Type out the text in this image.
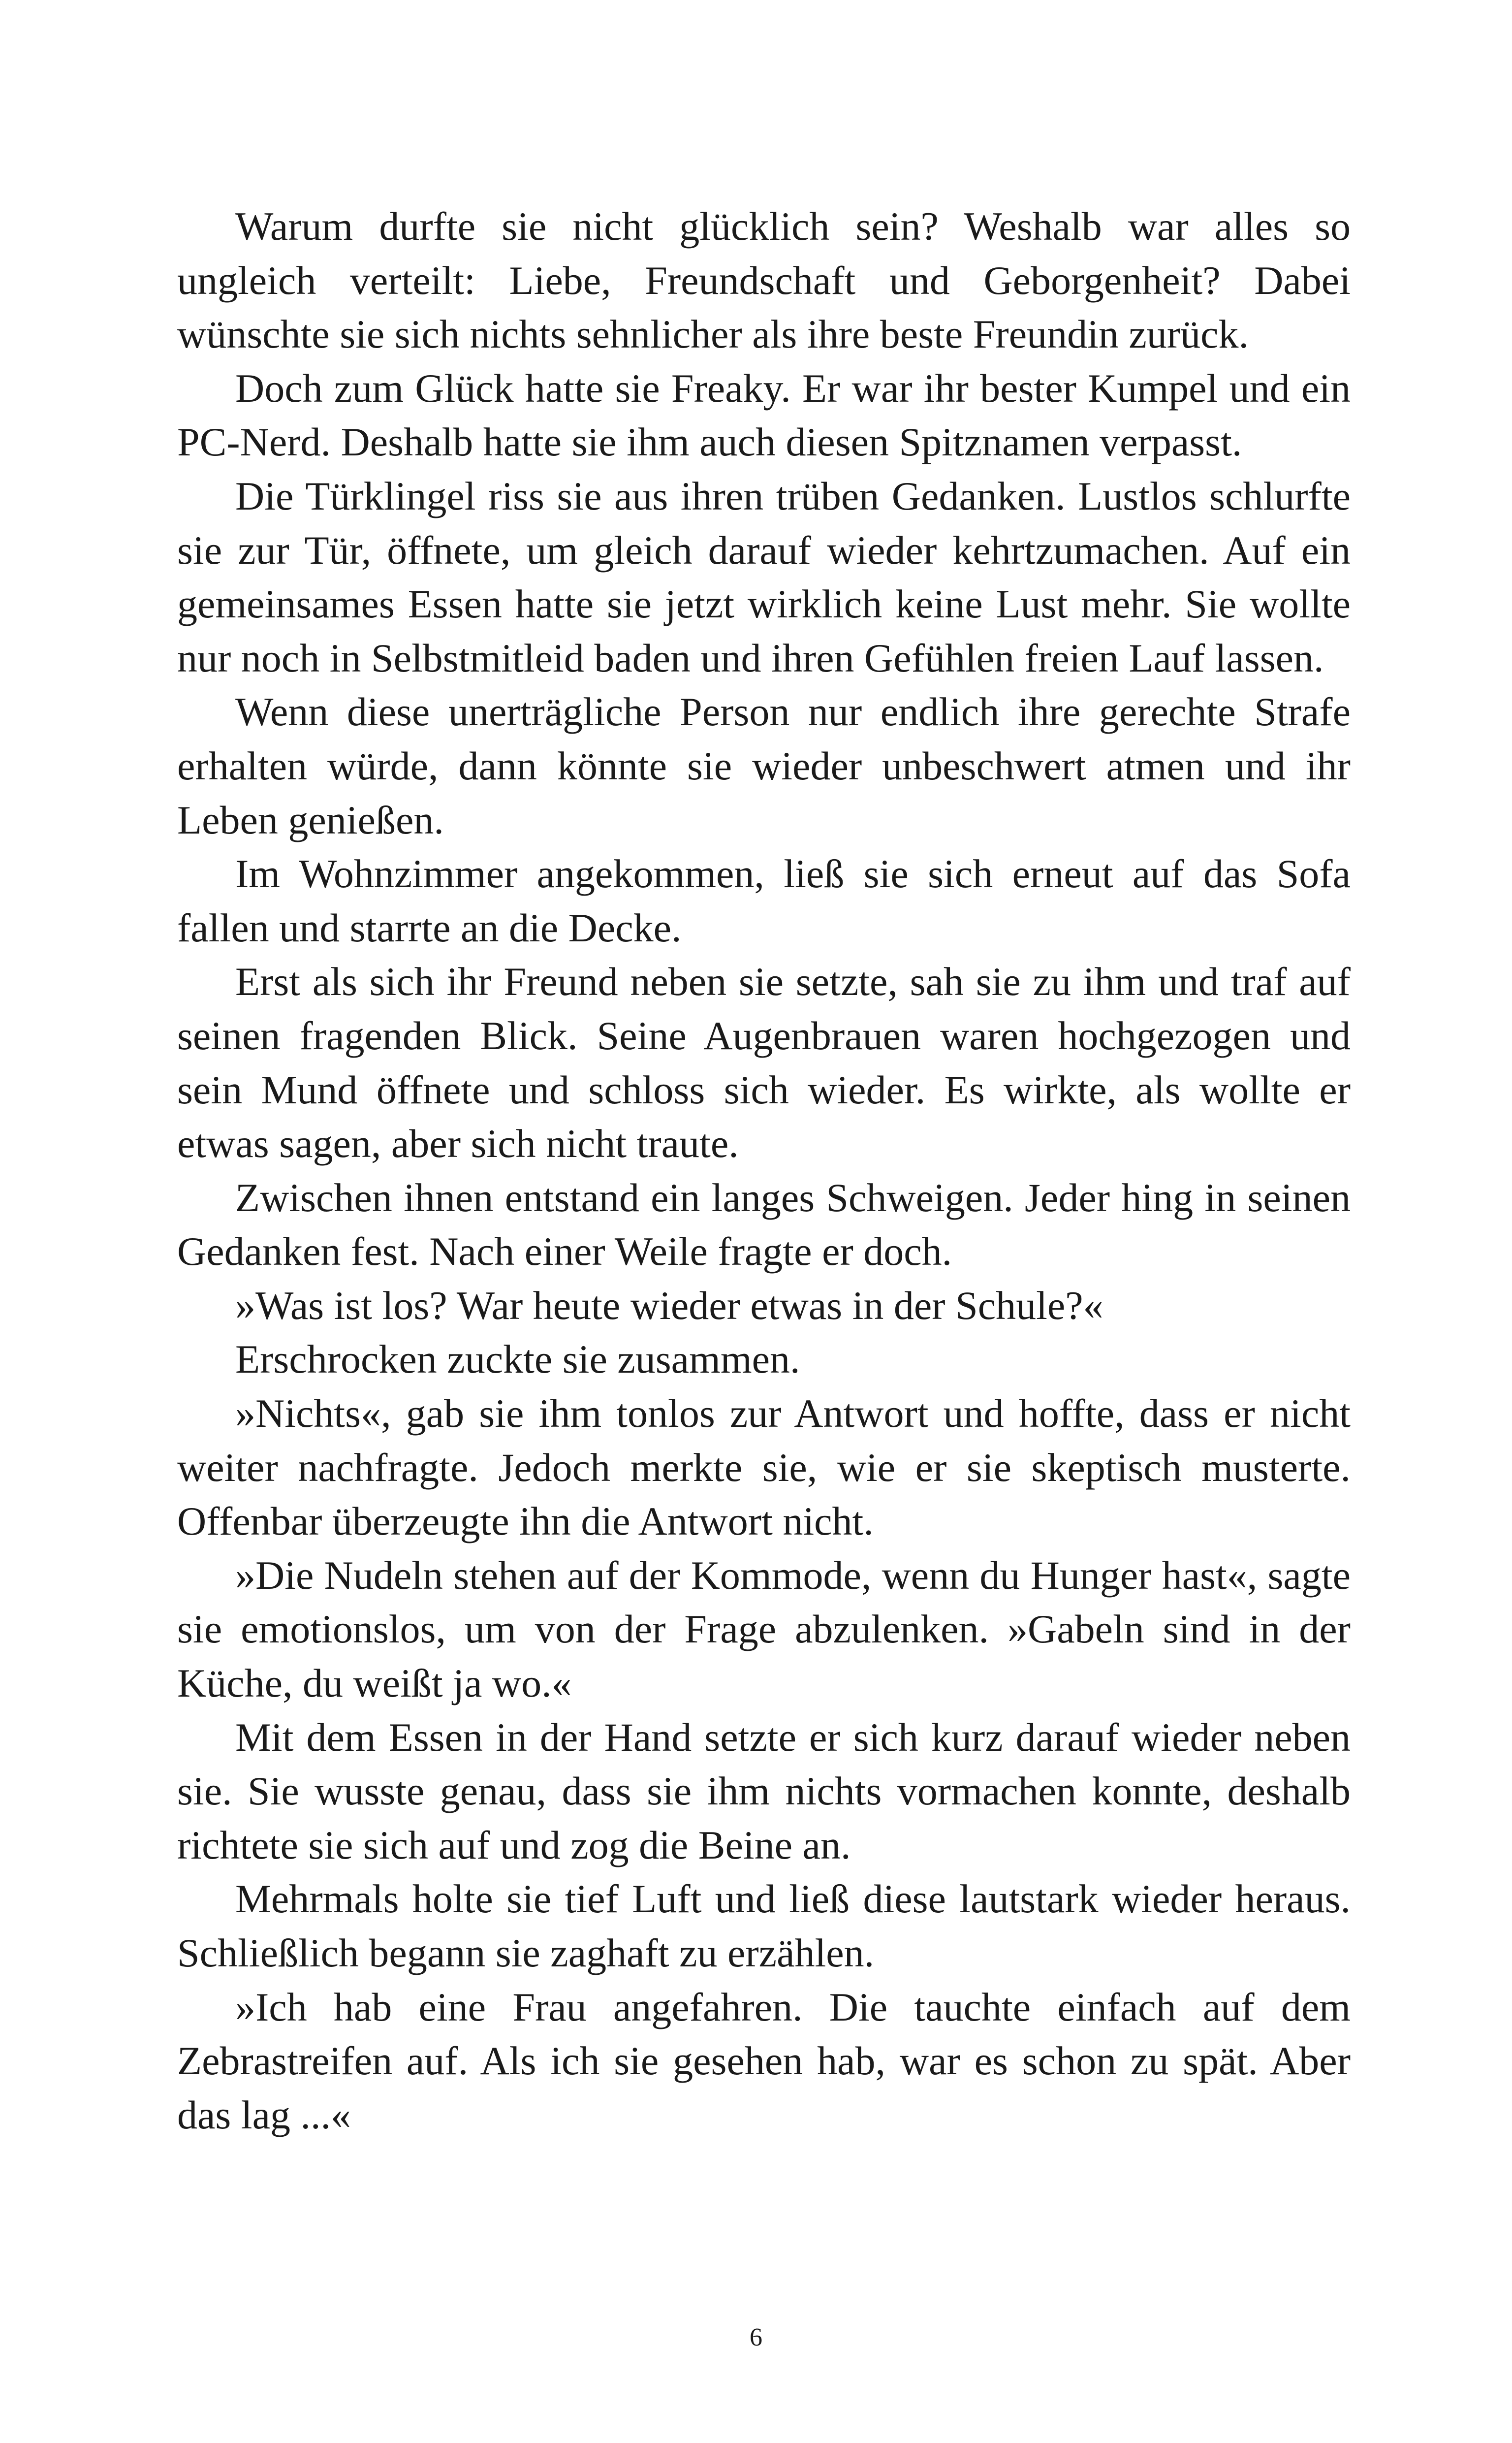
Warum durfte sie nicht glücklich sein? Weshalb war alles so ungleich verteilt: Liebe, Freundschaft und Geborgenheit? Dabei wünschte sie sich nichts sehnlicher als ihre beste Freundin zurück.

Doch zum Glück hatte sie Freaky. Er war ihr bester Kumpel und ein PC-Nerd. Deshalb hatte sie ihm auch diesen Spitznamen verpasst.

Die Türklingel riss sie aus ihren trüben Gedanken. Lustlos schlurfte sie zur Tür, öffnete, um gleich darauf wieder kehrtzumachen. Auf ein gemeinsames Essen hatte sie jetzt wirklich keine Lust mehr. Sie wollte nur noch in Selbstmitleid baden und ihren Gefühlen freien Lauf lassen.

Wenn diese unerträgliche Person nur endlich ihre gerechte Strafe erhalten würde, dann könnte sie wieder unbeschwert atmen und ihr Leben genießen.

Im Wohnzimmer angekommen, ließ sie sich erneut auf das Sofa fallen und starrte an die Decke.

Erst als sich ihr Freund neben sie setzte, sah sie zu ihm und traf auf seinen fragenden Blick. Seine Augenbrauen waren hochgezogen und sein Mund öffnete und schloss sich wieder. Es wirkte, als wollte er etwas sagen, aber sich nicht traute.

Zwischen ihnen entstand ein langes Schweigen. Jeder hing in seinen Gedanken fest. Nach einer Weile fragte er doch.

»Was ist los? War heute wieder etwas in der Schule?«

Erschrocken zuckte sie zusammen.

»Nichts«, gab sie ihm tonlos zur Antwort und hoffte, dass er nicht weiter nachfragte. Jedoch merkte sie, wie er sie skeptisch musterte. Offenbar überzeugte ihn die Antwort nicht.

»Die Nudeln stehen auf der Kommode, wenn du Hunger hast«, sagte sie emotionslos, um von der Frage abzulenken. »Gabeln sind in der Küche, du weißt ja wo.«

Mit dem Essen in der Hand setzte er sich kurz darauf wieder neben sie. Sie wusste genau, dass sie ihm nichts vormachen konnte, deshalb richtete sie sich auf und zog die Beine an.

Mehrmals holte sie tief Luft und ließ diese lautstark wieder heraus. Schließlich begann sie zaghaft zu erzählen.

»Ich hab eine Frau angefahren. Die tauchte einfach auf dem Zebrastreifen auf. Als ich sie gesehen hab, war es schon zu spät. Aber das lag ...«

6
